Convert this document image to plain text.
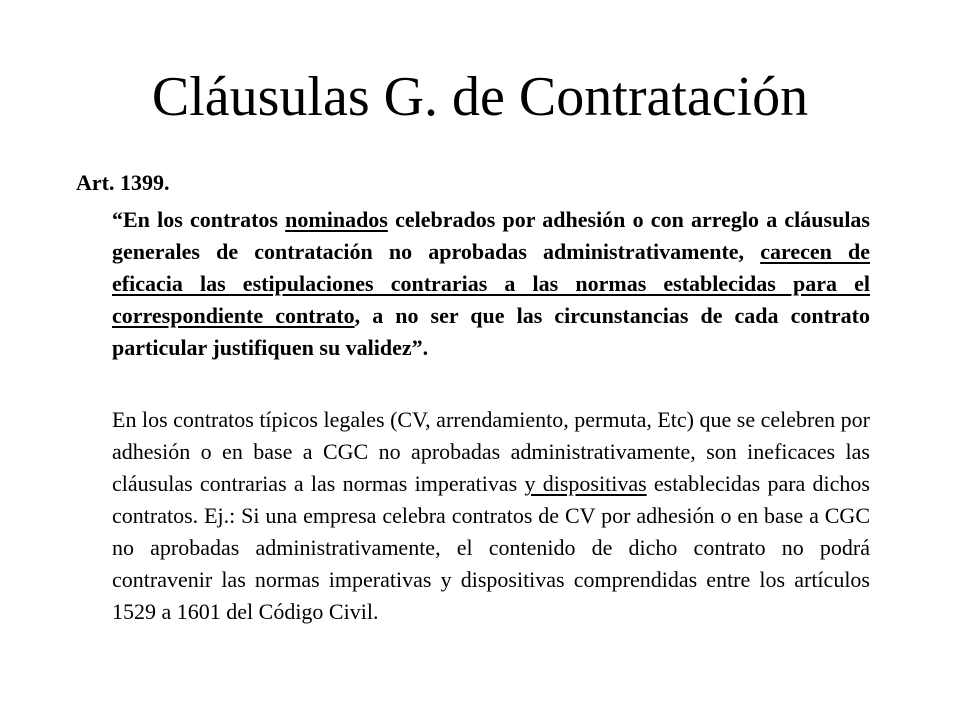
Cláusulas G. de Contratación

Art. 1399.

“En los contratos nominados celebrados por adhesión o con arreglo a cláusulas generales de contratación no aprobadas administrativamente, carecen de eficacia las estipulaciones contrarias a las normas establecidas para el correspondiente contrato, a no ser que las circunstancias de cada contrato particular justifiquen su validez”.

En los contratos típicos legales (CV, arrendamiento, permuta, Etc) que se celebren por adhesión o en base a CGC no aprobadas administrativamente, son ineficaces las cláusulas contrarias a las normas imperativas y dispositivas establecidas para dichos contratos. Ej.: Si una empresa celebra contratos de CV por adhesión o en base a CGC no aprobadas administrativamente, el contenido de dicho contrato no podrá contravenir las normas imperativas y dispositivas comprendidas entre los artículos 1529 a 1601 del Código Civil.
